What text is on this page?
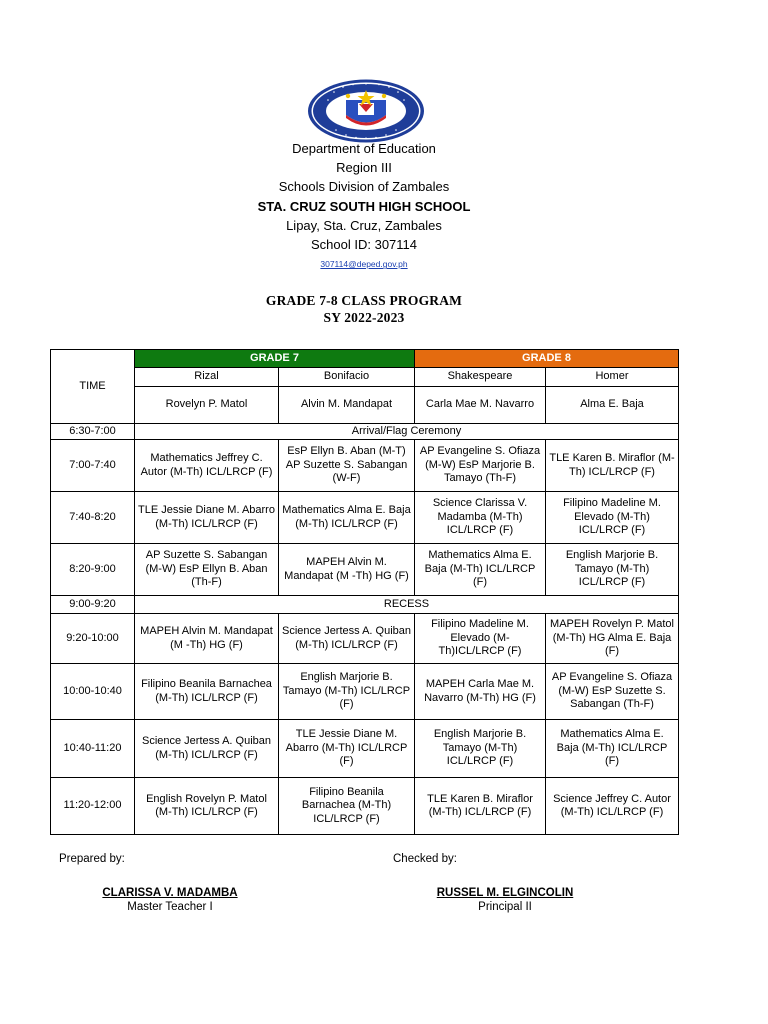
Department of Education
Region III
Schools Division of Zambales
STA. CRUZ SOUTH HIGH SCHOOL
Lipay, Sta. Cruz, Zambales
School ID: 307114
307114@deped.gov.ph
GRADE 7-8 CLASS PROGRAM
SY 2022-2023
TIME	GRADE 7		GRADE 8	
	Rizal	Bonifacio	Shakespeare	Homer
	Rovelyn P. Matol	Alvin M. Mandapat	Carla Mae M. Navarro	Alma E. Baja
6:30-7:00	Arrival/Flag Ceremony			
7:00-7:40	Mathematics Jeffrey C. Autor (M-Th) ICL/LRCP (F)	EsP Ellyn B. Aban (M-T) AP Suzette S. Sabangan (W-F)	AP Evangeline S. Ofiaza (M-W) EsP Marjorie B. Tamayo (Th-F)	TLE Karen B. Miraflor (M-Th) ICL/LRCP (F)
7:40-8:20	TLE Jessie Diane M. Abarro (M-Th) ICL/LRCP (F)	Mathematics Alma E. Baja (M-Th) ICL/LRCP (F)	Science Clarissa V. Madamba (M-Th) ICL/LRCP (F)	Filipino Madeline M. Elevado (M-Th) ICL/LRCP (F)
8:20-9:00	AP Suzette S. Sabangan (M-W) EsP Ellyn B. Aban (Th-F)	MAPEH Alvin M. Mandapat (M -Th) HG (F)	Mathematics Alma E. Baja (M-Th) ICL/LRCP (F)	English Marjorie B. Tamayo (M-Th) ICL/LRCP (F)
9:00-9:20	RECESS			
9:20-10:00	MAPEH Alvin M. Mandapat (M -Th) HG (F)	Science Jertess A. Quiban (M-Th) ICL/LRCP (F)	Filipino Madeline M. Elevado (M-Th)ICL/LRCP (F)	MAPEH Rovelyn P. Matol (M-Th) HG Alma E. Baja (F)
10:00-10:40	Filipino Beanila Barnachea (M-Th) ICL/LRCP (F)	English Marjorie B. Tamayo (M-Th) ICL/LRCP (F)	MAPEH Carla Mae M. Navarro (M-Th) HG (F)	AP Evangeline S. Ofiaza (M-W) EsP Suzette S. Sabangan (Th-F)
10:40-11:20	Science Jertess A. Quiban (M-Th) ICL/LRCP (F)	TLE Jessie Diane M. Abarro (M-Th) ICL/LRCP (F)	English Marjorie B. Tamayo (M-Th) ICL/LRCP (F)	Mathematics Alma E. Baja (M-Th) ICL/LRCP (F)
11:20-12:00	English Rovelyn P. Matol (M-Th) ICL/LRCP (F)	Filipino Beanila Barnachea (M-Th) ICL/LRCP (F)	TLE Karen B. Miraflor (M-Th) ICL/LRCP (F)	Science Jeffrey C. Autor (M-Th) ICL/LRCP (F)
Prepared by:	Checked by:
CLARISSA V. MADAMBA
Master Teacher I
RUSSEL M. ELGINCOLIN
Principal II
